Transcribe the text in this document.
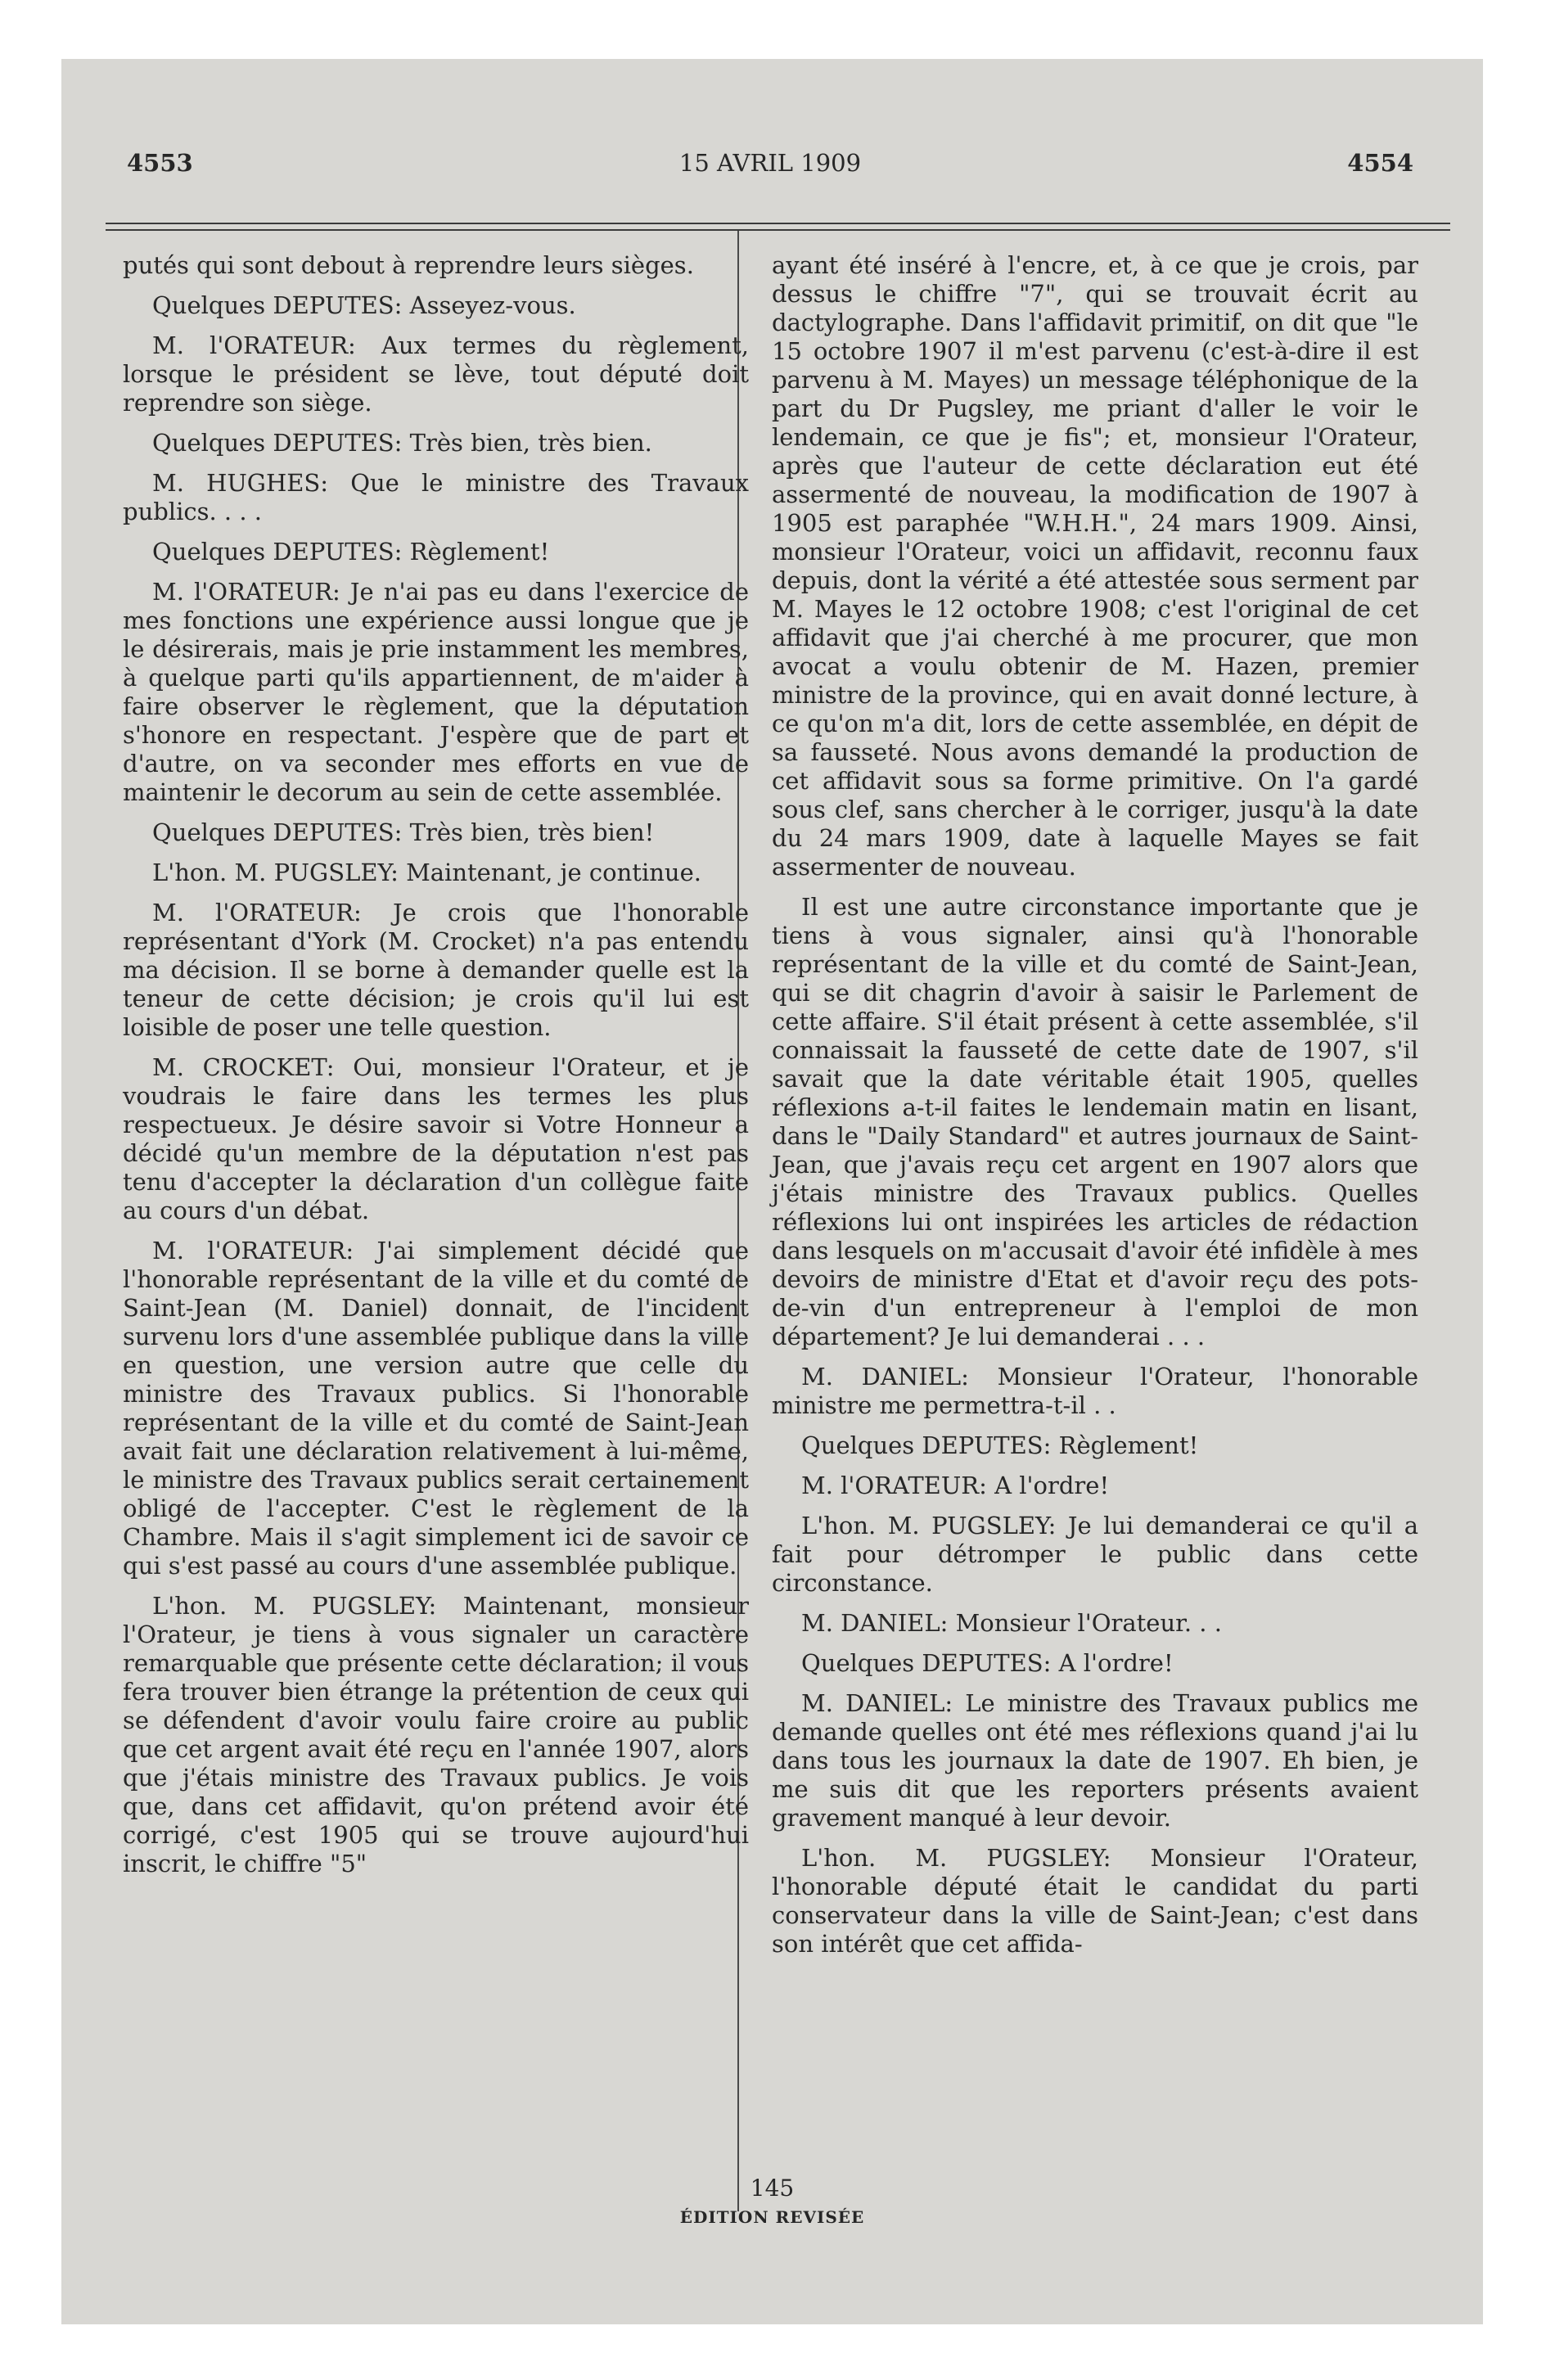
4553	15 AVRIL 1909	4554

putés qui sont debout à reprendre leurs sièges.

Quelques DEPUTES: Asseyez-vous.

M. l'ORATEUR: Aux termes du règlement, lorsque le président se lève, tout député doit reprendre son siège.

Quelques DEPUTES: Très bien, très bien.

M. HUGHES: Que le ministre des Travaux publics. . . .

Quelques DEPUTES: Règlement!

M. l'ORATEUR: Je n'ai pas eu dans l'exercice de mes fonctions une expérience aussi longue que je le désirerais, mais je prie instamment les membres, à quelque parti qu'ils appartiennent, de m'aider à faire observer le règlement, que la députation s'honore en respectant. J'espère que de part et d'autre, on va seconder mes efforts en vue de maintenir le decorum au sein de cette assemblée.

Quelques DEPUTES: Très bien, très bien!

L'hon. M. PUGSLEY: Maintenant, je continue.

M. l'ORATEUR: Je crois que l'honorable représentant d'York (M. Crocket) n'a pas entendu ma décision. Il se borne à demander quelle est la teneur de cette décision; je crois qu'il lui est loisible de poser une telle question.

M. CROCKET: Oui, monsieur l'Orateur, et je voudrais le faire dans les termes les plus respectueux. Je désire savoir si Votre Honneur a décidé qu'un membre de la députation n'est pas tenu d'accepter la déclaration d'un collègue faite au cours d'un débat.

M. l'ORATEUR: J'ai simplement décidé que l'honorable représentant de la ville et du comté de Saint-Jean (M. Daniel) donnait, de l'incident survenu lors d'une assemblée publique dans la ville en question, une version autre que celle du ministre des Travaux publics. Si l'honorable représentant de la ville et du comté de Saint-Jean avait fait une déclaration relativement à lui-même, le ministre des Travaux publics serait certainement obligé de l'accepter. C'est le règlement de la Chambre. Mais il s'agit simplement ici de savoir ce qui s'est passé au cours d'une assemblée publique.

L'hon. M. PUGSLEY: Maintenant, monsieur l'Orateur, je tiens à vous signaler un caractère remarquable que présente cette déclaration; il vous fera trouver bien étrange la prétention de ceux qui se défendent d'avoir voulu faire croire au public que cet argent avait été reçu en l'année 1907, alors que j'étais ministre des Travaux publics. Je vois que, dans cet affidavit, qu'on prétend avoir été corrigé, c'est 1905 qui se trouve aujourd'hui inscrit, le chiffre "5"

ayant été inséré à l'encre, et, à ce que je crois, par dessus le chiffre "7", qui se trouvait écrit au dactylographe. Dans l'affidavit primitif, on dit que "le 15 octobre 1907 il m'est parvenu (c'est-à-dire il est parvenu à M. Mayes) un message téléphonique de la part du Dr Pugsley, me priant d'aller le voir le lendemain, ce que je fis"; et, monsieur l'Orateur, après que l'auteur de cette déclaration eut été assermenté de nouveau, la modification de 1907 à 1905 est paraphée "W.H.H.", 24 mars 1909. Ainsi, monsieur l'Orateur, voici un affidavit, reconnu faux depuis, dont la vérité a été attestée sous serment par M. Mayes le 12 octobre 1908; c'est l'original de cet affidavit que j'ai cherché à me procurer, que mon avocat a voulu obtenir de M. Hazen, premier ministre de la province, qui en avait donné lecture, à ce qu'on m'a dit, lors de cette assemblée, en dépit de sa fausseté. Nous avons demandé la production de cet affidavit sous sa forme primitive. On l'a gardé sous clef, sans chercher à le corriger, jusqu'à la date du 24 mars 1909, date à laquelle Mayes se fait assermenter de nouveau.

Il est une autre circonstance importante que je tiens à vous signaler, ainsi qu'à l'honorable représentant de la ville et du comté de Saint-Jean, qui se dit chagrin d'avoir à saisir le Parlement de cette affaire. S'il était présent à cette assemblée, s'il connaissait la fausseté de cette date de 1907, s'il savait que la date véritable était 1905, quelles réflexions a-t-il faites le lendemain matin en lisant, dans le "Daily Standard" et autres journaux de Saint-Jean, que j'avais reçu cet argent en 1907 alors que j'étais ministre des Travaux publics. Quelles réflexions lui ont inspirées les articles de rédaction dans lesquels on m'accusait d'avoir été infidèle à mes devoirs de ministre d'Etat et d'avoir reçu des pots-de-vin d'un entrepreneur à l'emploi de mon département? Je lui demanderai . . .

M. DANIEL: Monsieur l'Orateur, l'honorable ministre me permettra-t-il . .

Quelques DEPUTES: Règlement!

M. l'ORATEUR: A l'ordre!

L'hon. M. PUGSLEY: Je lui demanderai ce qu'il a fait pour détromper le public dans cette circonstance.

M. DANIEL: Monsieur l'Orateur. . .

Quelques DEPUTES: A l'ordre!

M. DANIEL: Le ministre des Travaux publics me demande quelles ont été mes réflexions quand j'ai lu dans tous les journaux la date de 1907. Eh bien, je me suis dit que les reporters présents avaient gravement manqué à leur devoir.

L'hon. M. PUGSLEY: Monsieur l'Orateur, l'honorable député était le candidat du parti conservateur dans la ville de Saint-Jean; c'est dans son intérêt que cet affida-

145
ÉDITION REVISÉE
